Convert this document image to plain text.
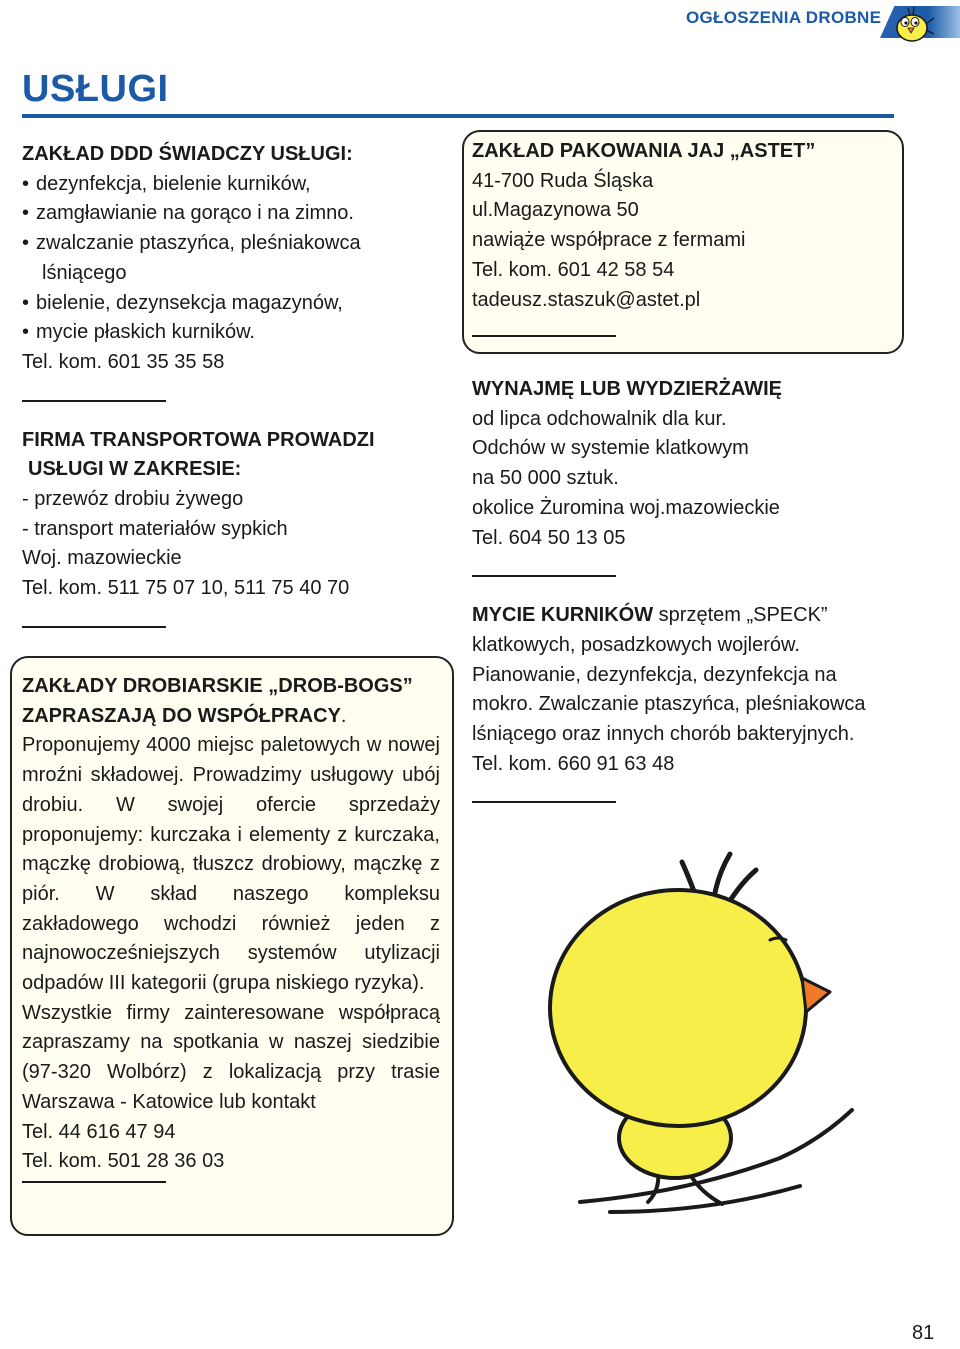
OGŁOSZENIA DROBNE
USŁUGI

ZAKŁAD DDD ŚWIADCZY USŁUGI:

• dezynfekcja, bielenie kurników,
• zamgławianie na gorąco i na zimno.
• zwalczanie ptaszyńca, pleśniakowca
lśniącego
• bielenie, dezynsekcja magazynów,
• mycie płaskich kurników.

Tel. kom. 601 35 35 58

FIRMA TRANSPORTOWA PROWADZI

USŁUGI W ZAKRESIE:

- przewóz drobiu żywego

- transport materiałów sypkich

Woj. mazowieckie

Tel. kom. 511 75 07 10, 511 75 40 70

ZAKŁADY DROBIARSKIE „DROB-BOGS”

ZAPRASZAJĄ DO WSPÓŁPRACY.

Proponujemy 4000 miejsc paletowych w nowej mroźni składowej. Prowadzimy usługowy ubój drobiu. W swojej ofercie sprzedaży proponujemy: kurczaka i elementy z kurczaka, mączkę drobiową, tłuszcz drobiowy, mączkę z piór. W skład naszego kompleksu zakładowego wchodzi również jeden z najnowocześniejszych systemów utylizacji odpadów III kategorii (grupa niskiego ryzyka).

Wszystkie firmy zainteresowane współpracą zapraszamy na spotkania w naszej siedzibie (97-320 Wolbórz) z lokalizacją przy trasie Warszawa - Katowice lub kontakt

Tel. 44 616 47 94

Tel. kom. 501 28 36 03

ZAKŁAD PAKOWANIA JAJ „ASTET”

41-700 Ruda Śląska

ul.Magazynowa 50

nawiąże współprace z fermami

Tel. kom. 601 42 58 54

tadeusz.staszuk@astet.pl

WYNAJMĘ LUB WYDZIERŻAWIĘ

od lipca odchowalnik dla kur.

Odchów w systemie klatkowym

na 50 000 sztuk.

okolice Żuromina woj.mazowieckie

Tel. 604 50 13 05

MYCIE KURNIKÓW sprzętem „SPECK”

klatkowych, posadzkowych wojlerów.

Pianowanie, dezynfekcja, dezynfekcja na

mokro. Zwalczanie ptaszyńca, pleśniakowca

lśniącego oraz innych chorób bakteryjnych.

Tel. kom. 660 91 63 48

81
